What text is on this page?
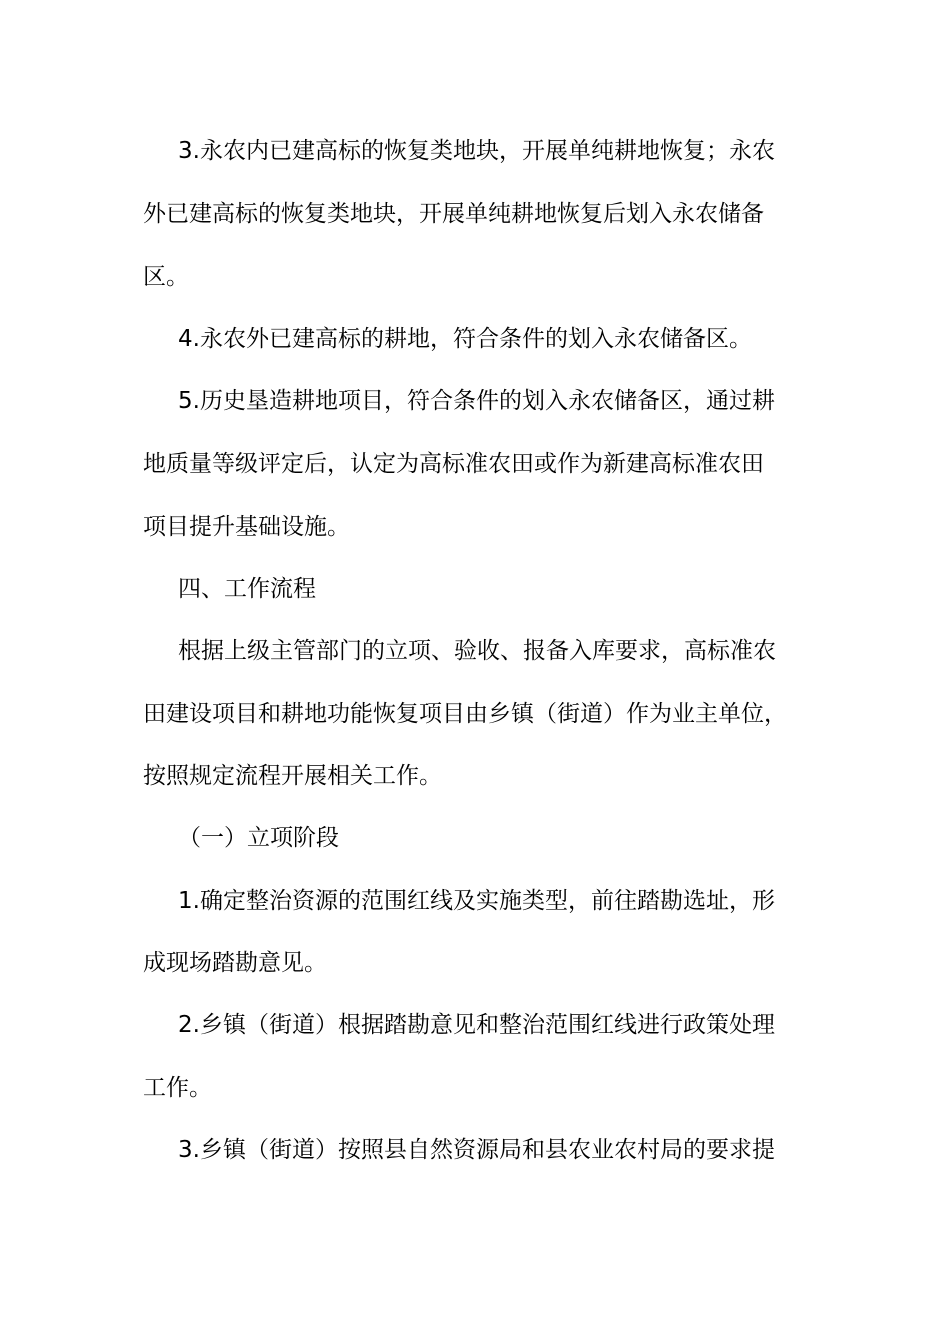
3.永农内已建高标的恢复类地块，开展单纯耕地恢复；永农

外已建高标的恢复类地块，开展单纯耕地恢复后划入永农储备

区。

4.永农外已建高标的耕地，符合条件的划入永农储备区。

5.历史垦造耕地项目，符合条件的划入永农储备区，通过耕

地质量等级评定后，认定为高标准农田或作为新建高标准农田

项目提升基础设施。

四、工作流程

根据上级主管部门的立项、验收、报备入库要求，高标准农

田建设项目和耕地功能恢复项目由乡镇（街道）作为业主单位，

按照规定流程开展相关工作。

（一）立项阶段

1.确定整治资源的范围红线及实施类型，前往踏勘选址，形

成现场踏勘意见。

2.乡镇（街道）根据踏勘意见和整治范围红线进行政策处理

工作。

3.乡镇（街道）按照县自然资源局和县农业农村局的要求提
